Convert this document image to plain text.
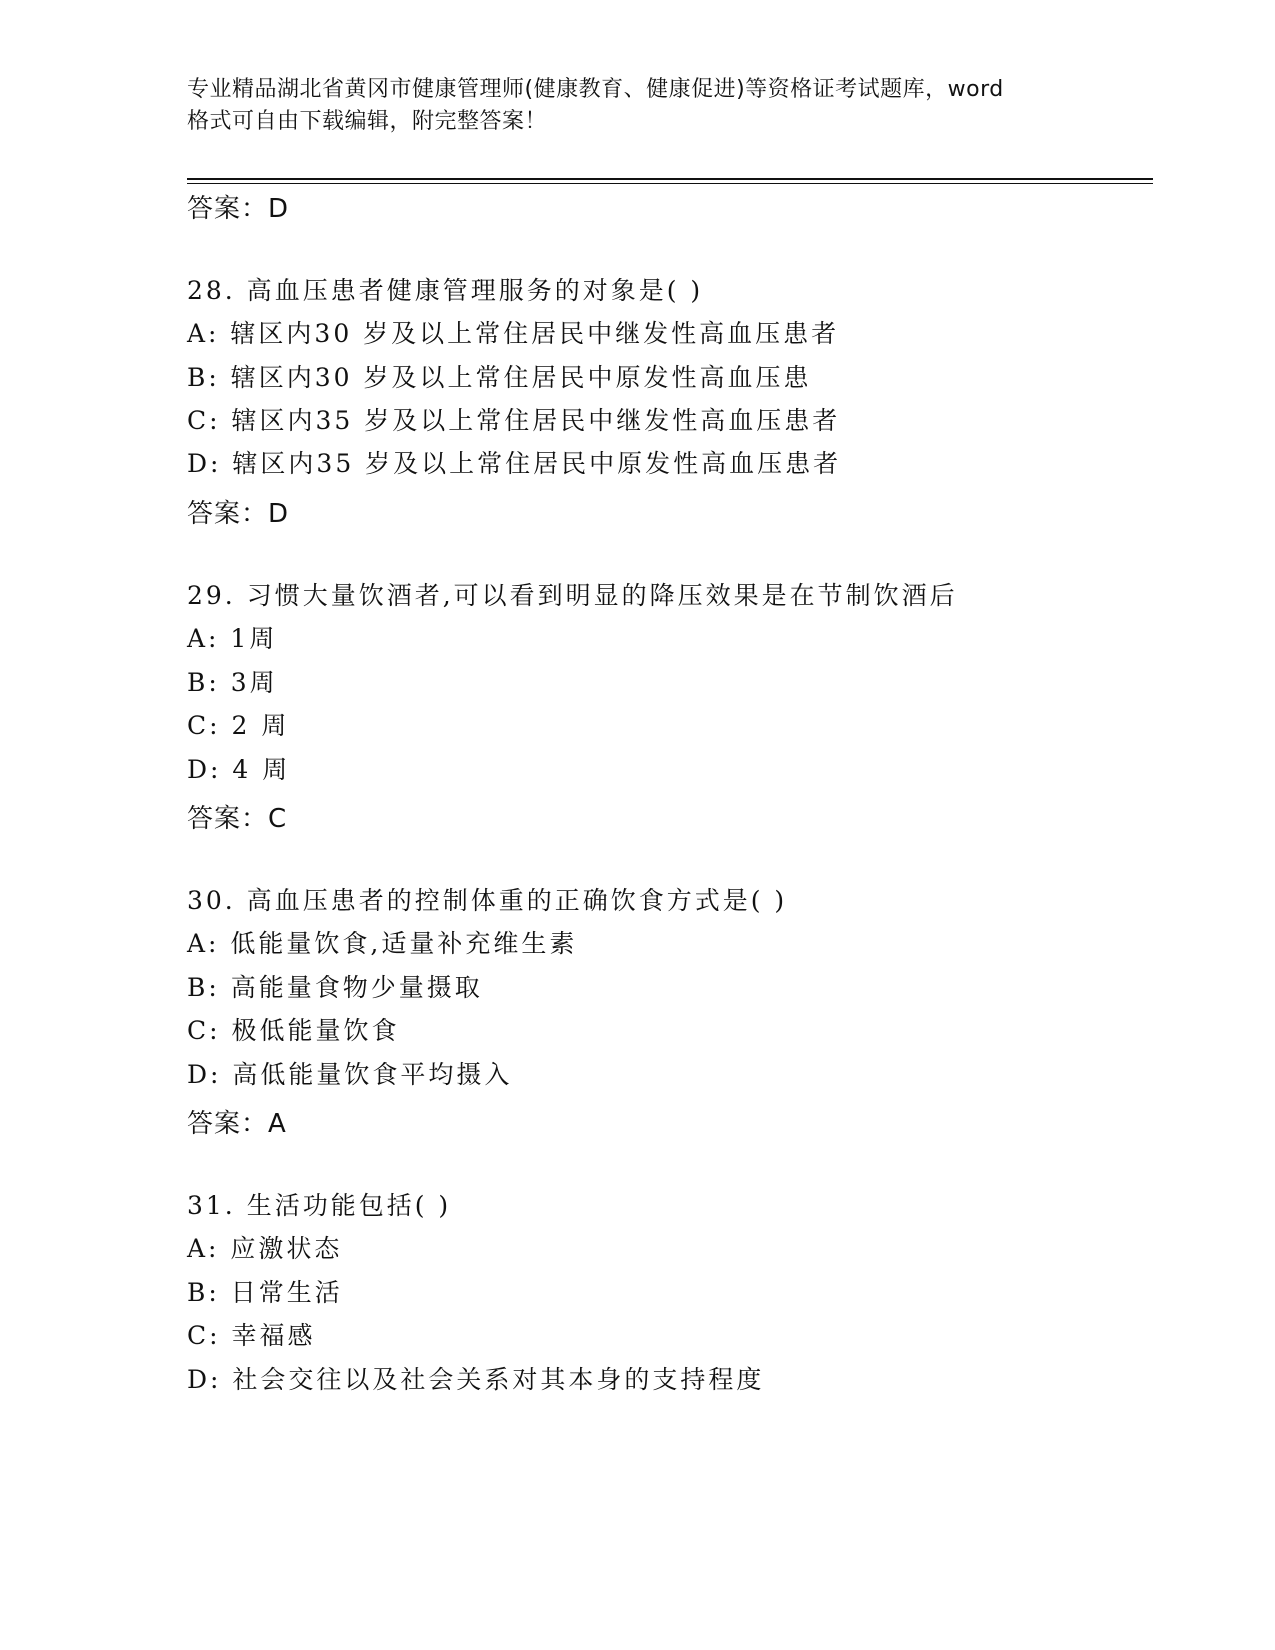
专业精品湖北省黄冈市健康管理师(健康教育、健康促进)等资格证考试题库，word
格式可自由下载编辑，附完整答案！
答案：D
28. 高血压患者健康管理服务的对象是( )
A: 辖区内30 岁及以上常住居民中继发性高血压患者
B: 辖区内30 岁及以上常住居民中原发性高血压患
C: 辖区内35 岁及以上常住居民中继发性高血压患者
D: 辖区内35 岁及以上常住居民中原发性高血压患者
答案：D
29. 习惯大量饮酒者,可以看到明显的降压效果是在节制饮酒后
A: 1周
B: 3周
C: 2 周
D: 4 周
答案：C
30. 高血压患者的控制体重的正确饮食方式是( )
A: 低能量饮食,适量补充维生素
B: 高能量食物少量摄取
C: 极低能量饮食
D: 高低能量饮食平均摄入
答案：A
31. 生活功能包括( )
A: 应激状态
B: 日常生活
C: 幸福感
D: 社会交往以及社会关系对其本身的支持程度
